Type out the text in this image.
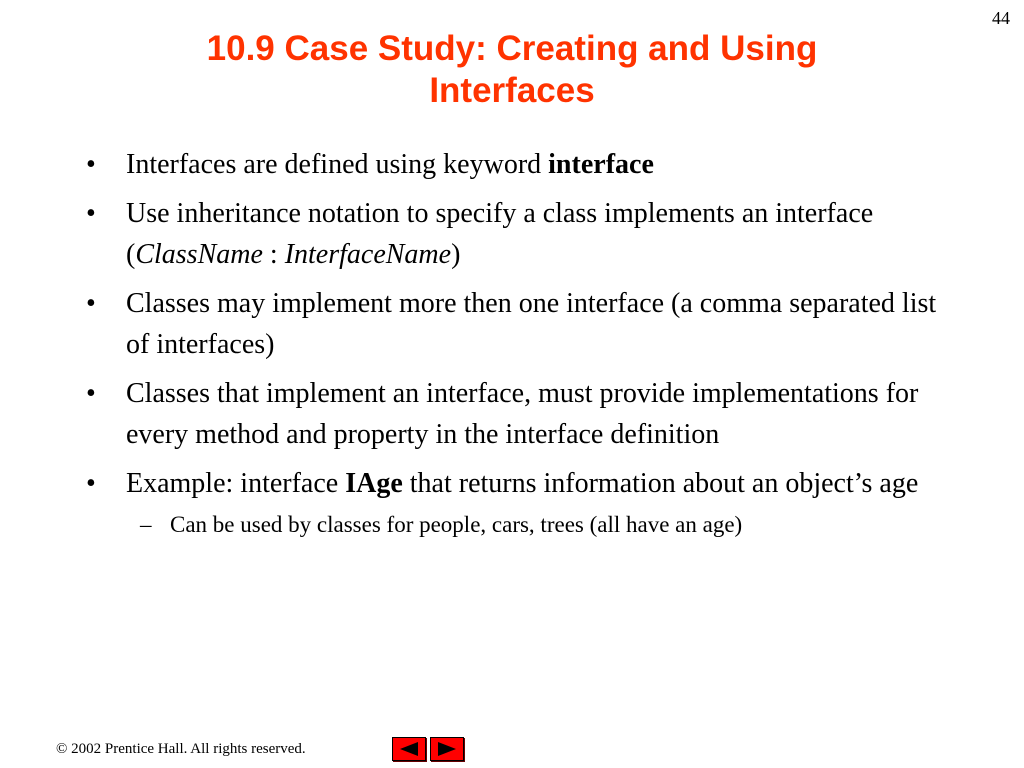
44
10.9 Case Study: Creating and Using
Interfaces
• Interfaces are defined using keyword interface
• Use inheritance notation to specify a class implements an interface (ClassName : InterfaceName)
• Classes may implement more then one interface (a comma separated list of interfaces)
• Classes that implement an interface, must provide implementations for every method and property in the interface definition
• Example: interface IAge that returns information about an object’s age
– Can be used by classes for people, cars, trees (all have an age)
© 2002 Prentice Hall. All rights reserved.
